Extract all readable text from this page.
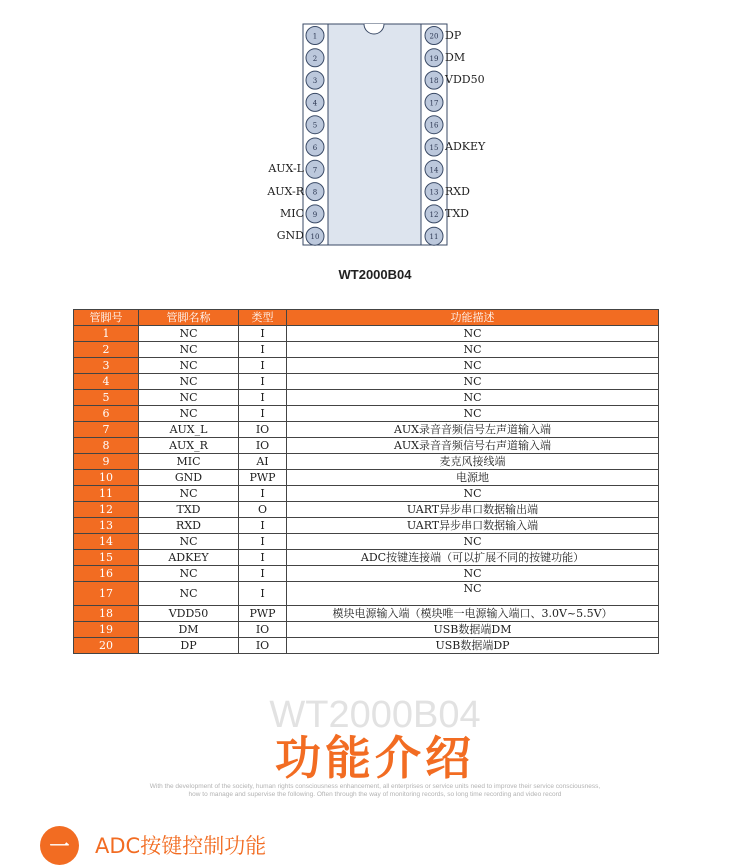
1
2
3
4
5
6
7
8
9
10
20
19
18
17
16
15
14
13
12
11
AUX-L
AUX-R
MIC
GND
DP
DM
VDD50
ADKEY
RXD
TXD
WT2000B04
管脚号	管脚名称	类型	功能描述
1	NC	I	NC
2	NC	I	NC
3	NC	I	NC
4	NC	I	NC
5	NC	I	NC
6	NC	I	NC
7	AUX_L	IO	AUX录音音频信号左声道输入端
8	AUX_R	IO	AUX录音音频信号右声道输入端
9	MIC	AI	麦克风接线端
10	GND	PWP	电源地
11	NC	I	NC
12	TXD	O	UART异步串口数据输出端
13	RXD	I	UART异步串口数据输入端
14	NC	I	NC
15	ADKEY	I	ADC按键连接端（可以扩展不同的按键功能）
16	NC	I	NC
17	NC	I	NC
18	VDD50	PWP	模块电源输入端（模块唯一电源输入端口、3.0V~5.5V）
19	DM	IO	USB数据端DM
20	DP	IO	USB数据端DP
WT2000B04
功能介绍
With the development of the society, human rights consciousness enhancement, all enterprises or service units need to improve their service consciousness,
how to manage and supervise the following. Often through the way of monitoring records, so long time recording and video record
一 ADC按键控制功能
